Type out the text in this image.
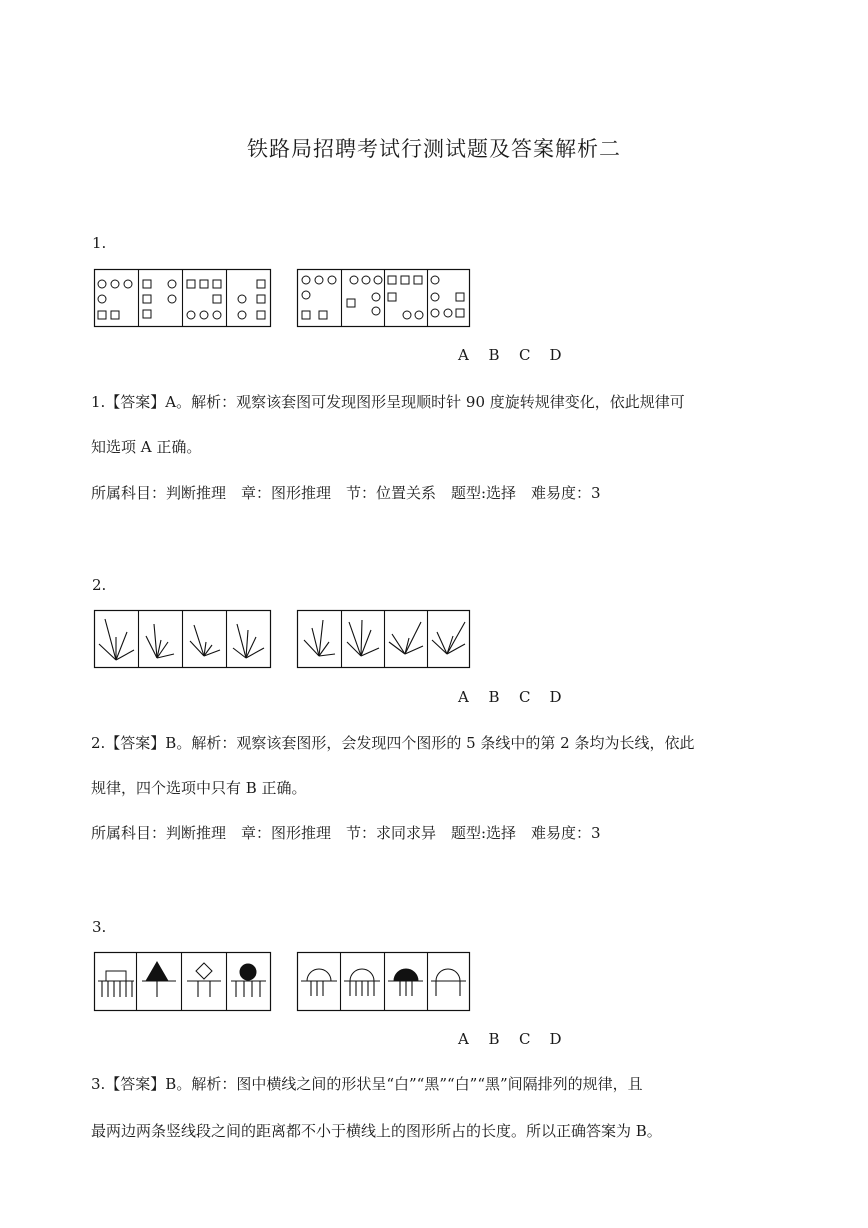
铁路局招聘考试行测试题及答案解析二
1.
A B C D
1.【答案】A。解析：观察该套图可发现图形呈现顺时针 90 度旋转规律变化，依此规律可
知选项 A 正确。
所属科目：判断推理　章：图形推理　节：位置关系　题型:选择　难易度：3
2.
A B C D
2.【答案】B。解析：观察该套图形，会发现四个图形的 5 条线中的第 2 条均为长线，依此
规律，四个选项中只有 B 正确。
所属科目：判断推理　章：图形推理　节：求同求异　题型:选择　难易度：3
3.
A B C D
3.【答案】B。解析：图中横线之间的形状呈“白”“黑”“白”“黑”间隔排列的规律，且
最两边两条竖线段之间的距离都不小于横线上的图形所占的长度。所以正确答案为 B。
